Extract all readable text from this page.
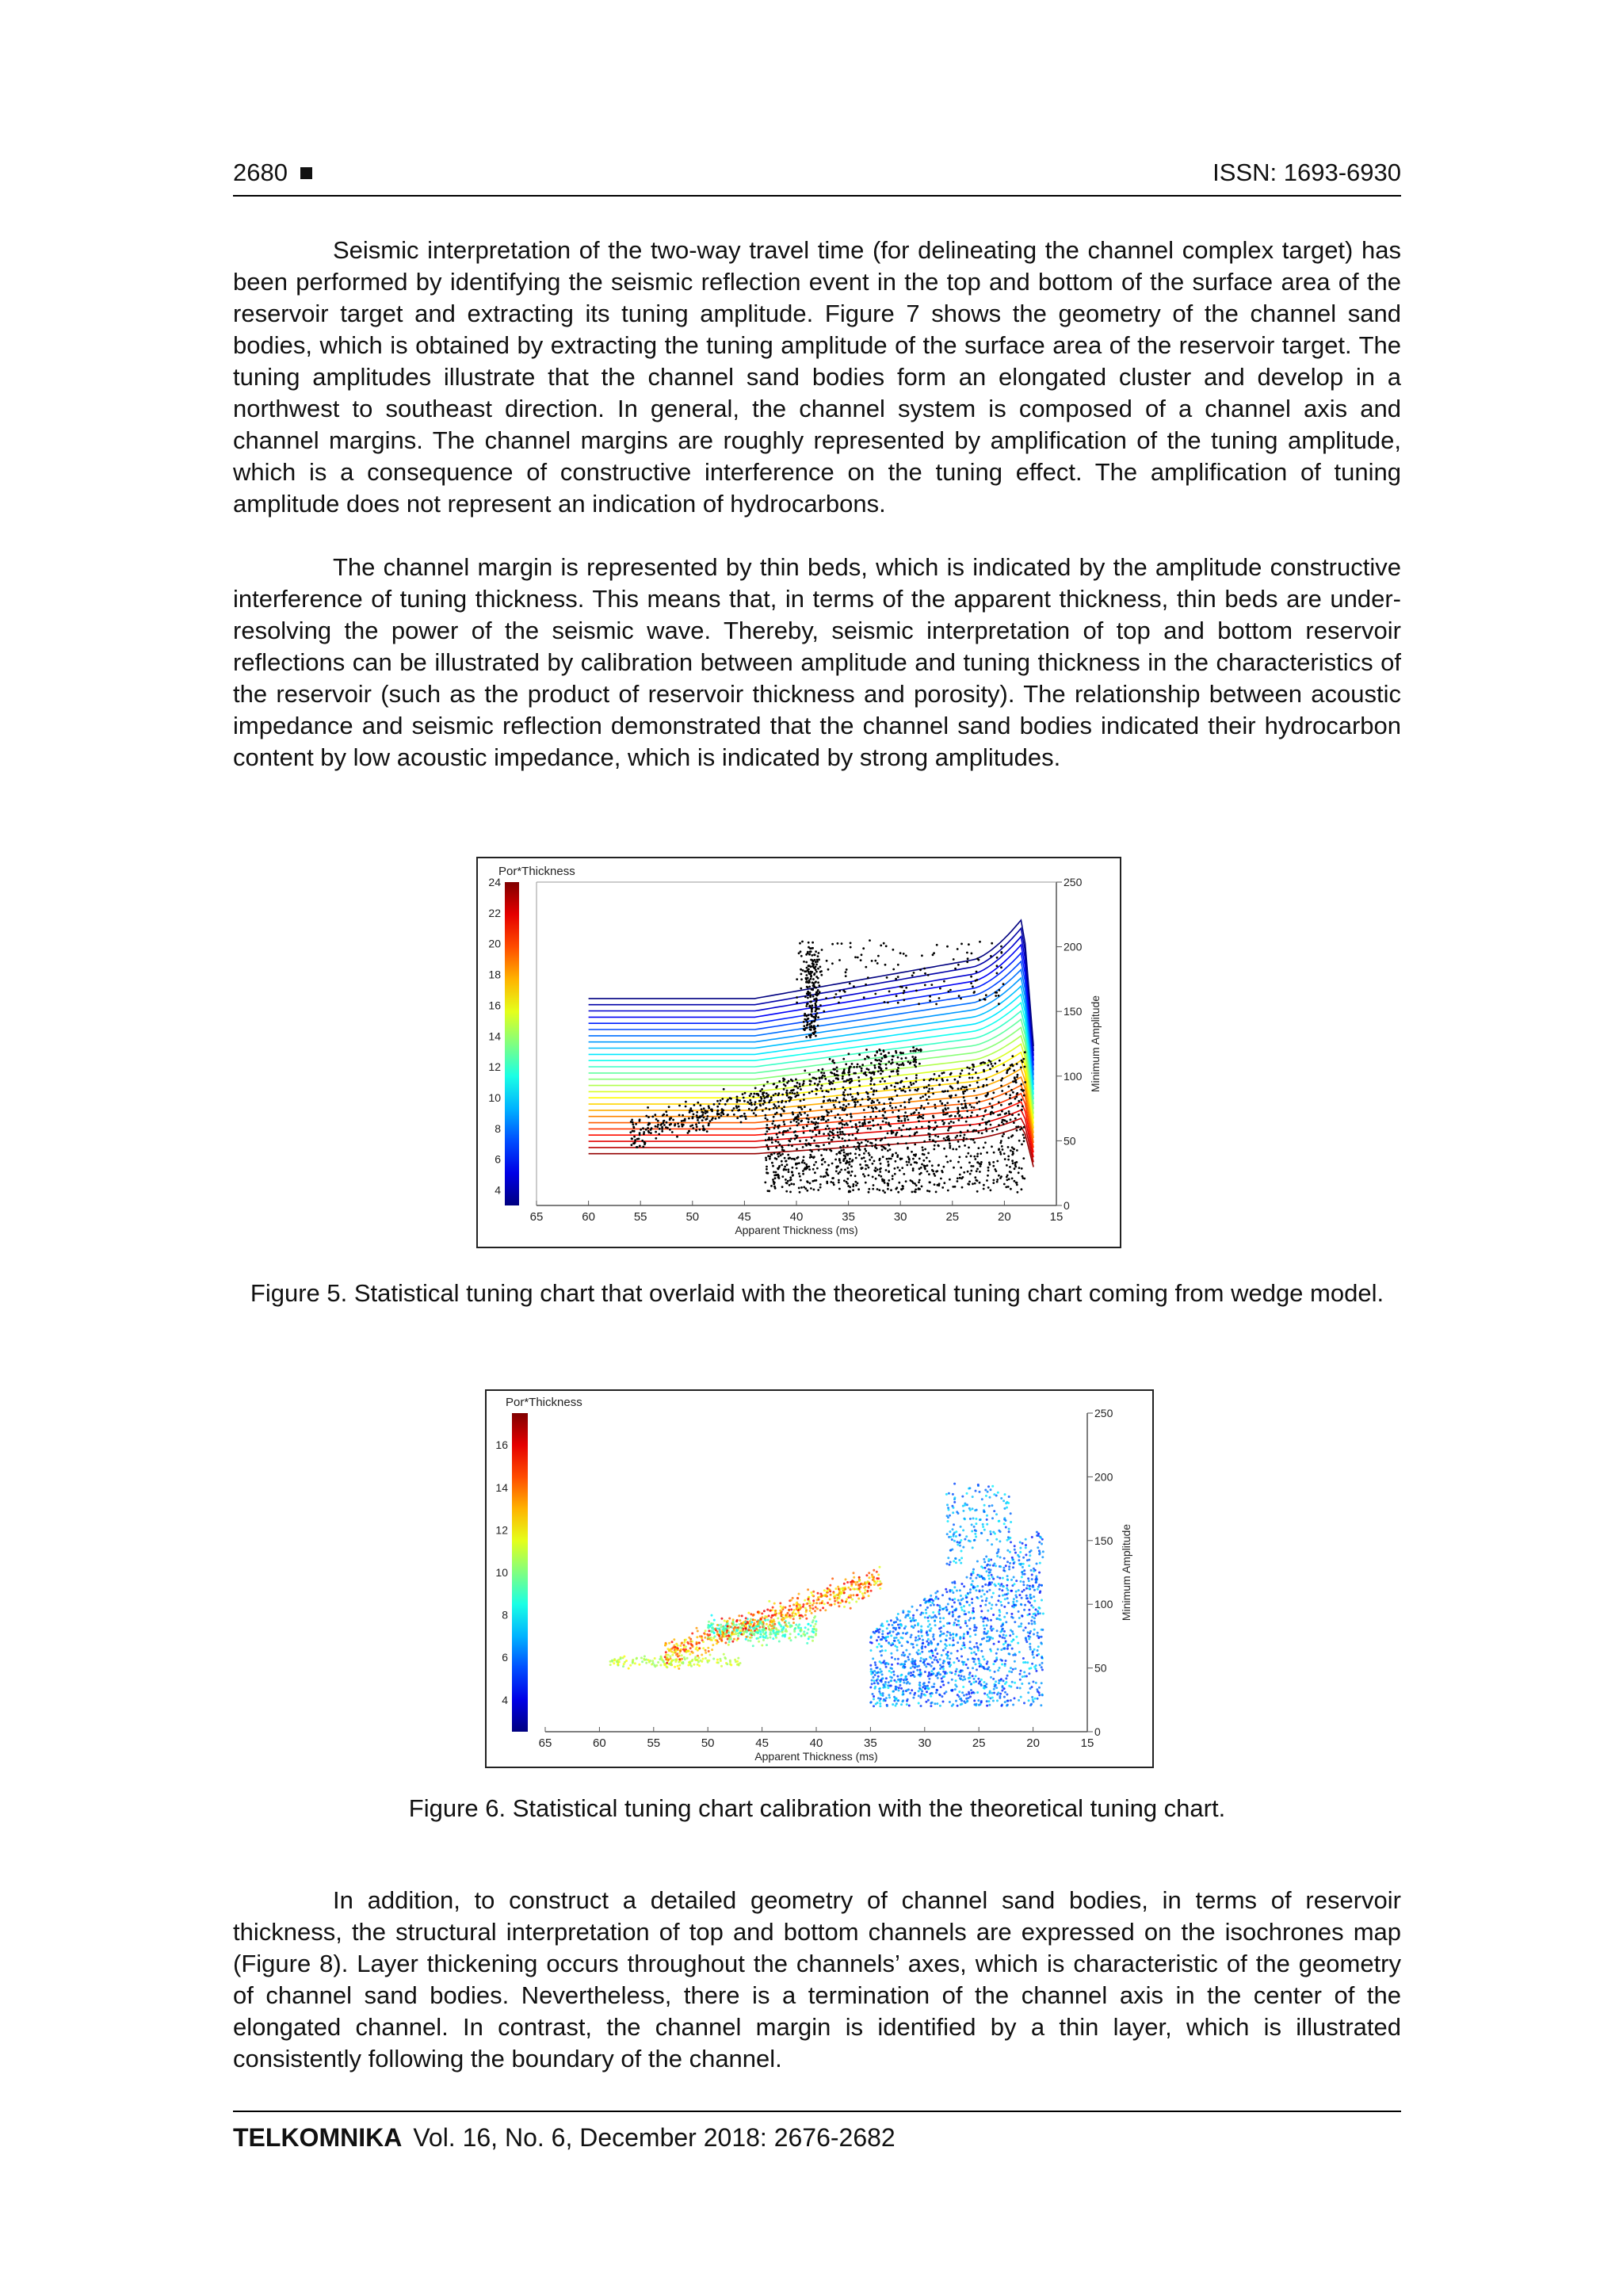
2680	ISSN: 1693-6930

Seismic interpretation of the two-way travel time (for delineating the channel complex target) has been performed by identifying the seismic reflection event in the top and bottom of the surface area of the reservoir target and extracting its tuning amplitude. Figure 7 shows the geometry of the channel sand bodies, which is obtained by extracting the tuning amplitude of the surface area of the reservoir target. The tuning amplitudes illustrate that the channel sand bodies form an elongated cluster and develop in a northwest to southeast direction. In general, the channel system is composed of a channel axis and channel margins. The channel margins are roughly represented by amplification of the tuning amplitude, which is a consequence of constructive interference on the tuning effect. The amplification of tuning amplitude does not represent an indication of hydrocarbons.

The channel margin is represented by thin beds, which is indicated by the amplitude constructive interference of tuning thickness. This means that, in terms of the apparent thickness, thin beds are under-resolving the power of the seismic wave. Thereby, seismic interpretation of top and bottom reservoir reflections can be illustrated by calibration between amplitude and tuning thickness in the characteristics of the reservoir (such as the product of reservoir thickness and porosity). The relationship between acoustic impedance and seismic reflection demonstrated that the channel sand bodies indicated their hydrocarbon content by low acoustic impedance, which is indicated by strong amplitudes.

Por*Thickness
24
22
20
18
16
14
12
10
8
6
4
65	60	55	50	45	40	35	30	25	20	15
0
50
100
150
200
250
Apparent Thickness (ms)
Minimum Amplitude
Figure 5. Statistical tuning chart that overlaid with the theoretical tuning chart coming from wedge model.
Por*Thickness
16
14
12
10
8
6
4
65	60	55	50	45	40	35	30	25	20	15
0
50
100
150
200
250
Apparent Thickness (ms)
Minimum Amplitude
Figure 6. Statistical tuning chart calibration with the theoretical tuning chart.

In addition, to construct a detailed geometry of channel sand bodies, in terms of reservoir thickness, the structural interpretation of top and bottom channels are expressed on the isochrones map (Figure 8). Layer thickening occurs throughout the channels’ axes, which is characteristic of the geometry of channel sand bodies. Nevertheless, there is a termination of the channel axis in the center of the elongated channel. In contrast, the channel margin is identified by a thin layer, which is illustrated consistently following the boundary of the channel.

TELKOMNIKA Vol. 16, No. 6, December 2018: 2676-2682
